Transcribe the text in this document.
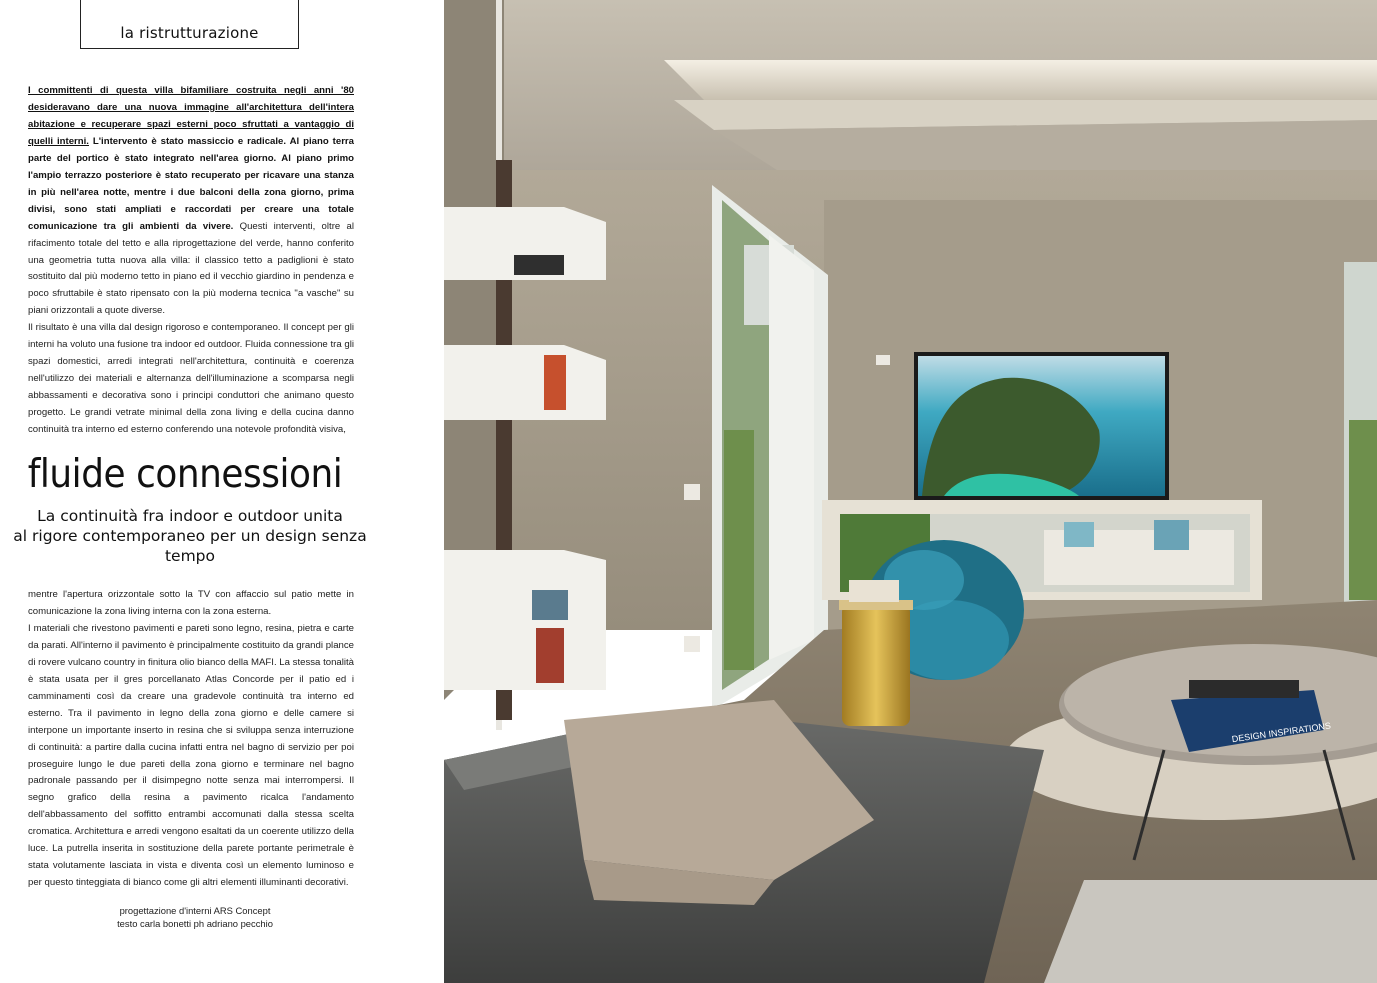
la ristrutturazione

I committenti di questa villa bifamiliare costruita negli anni '80 desideravano dare una nuova immagine all'architettura dell'intera abitazione e recuperare spazi esterni poco sfruttati a vantaggio di quelli interni. L'intervento è stato massiccio e radicale. Al piano terra parte del portico è stato integrato nell'area giorno. Al piano primo l'ampio terrazzo posteriore è stato recuperato per ricavare una stanza in più nell'area notte, mentre i due balconi della zona giorno, prima divisi, sono stati ampliati e raccordati per creare una totale comunicazione tra gli ambienti da vivere. Questi interventi, oltre al rifacimento totale del tetto e alla riprogettazione del verde, hanno conferito una geometria tutta nuova alla villa: il classico tetto a padiglioni è stato sostituito dal più moderno tetto in piano ed il vecchio giardino in pendenza e poco sfruttabile è stato ripensato con la più moderna tecnica "a vasche" su piani orizzontali a quote diverse.

Il risultato è una villa dal design rigoroso e contemporaneo. Il concept per gli interni ha voluto una fusione tra indoor ed outdoor. Fluida connessione tra gli spazi domestici, arredi integrati nell'architettura, continuità e coerenza nell'utilizzo dei materiali e alternanza dell'illuminazione a scomparsa negli abbassamenti e decorativa sono i principi conduttori che animano questo progetto. Le grandi vetrate minimal della zona living e della cucina danno continuità tra interno ed esterno conferendo una notevole profondità visiva,

fluide connessioni
La continuità fra indoor e outdoor unita
al rigore contemporaneo per un design senza tempo

mentre l'apertura orizzontale sotto la TV con affaccio sul patio mette in comunicazione la zona living interna con la zona esterna.

I materiali che rivestono pavimenti e pareti sono legno, resina, pietra e carte da parati. All'interno il pavimento è principalmente costituito da grandi plance di rovere vulcano country in finitura olio bianco della MAFI. La stessa tonalità è stata usata per il gres porcellanato Atlas Concorde per il patio ed i camminamenti così da creare una gradevole continuità tra interno ed esterno. Tra il pavimento in legno della zona giorno e delle camere si interpone un importante inserto in resina che si sviluppa senza interruzione di continuità: a partire dalla cucina infatti entra nel bagno di servizio per poi proseguire lungo le due pareti della zona giorno e terminare nel bagno padronale passando per il disimpegno notte senza mai interrompersi. Il segno grafico della resina a pavimento ricalca l'andamento dell'abbassamento del soffitto entrambi accomunati dalla stessa scelta cromatica. Architettura e arredi vengono esaltati da un coerente utilizzo della luce. La putrella inserita in sostituzione della parete portante perimetrale è stata volutamente lasciata in vista e diventa così un elemento luminoso e per questo tinteggiata di bianco come gli altri elementi illuminanti decorativi.

progettazione d'interni ARS Concept
testo carla bonetti ph adriano pecchio
DESIGN INSPIRATIONS
